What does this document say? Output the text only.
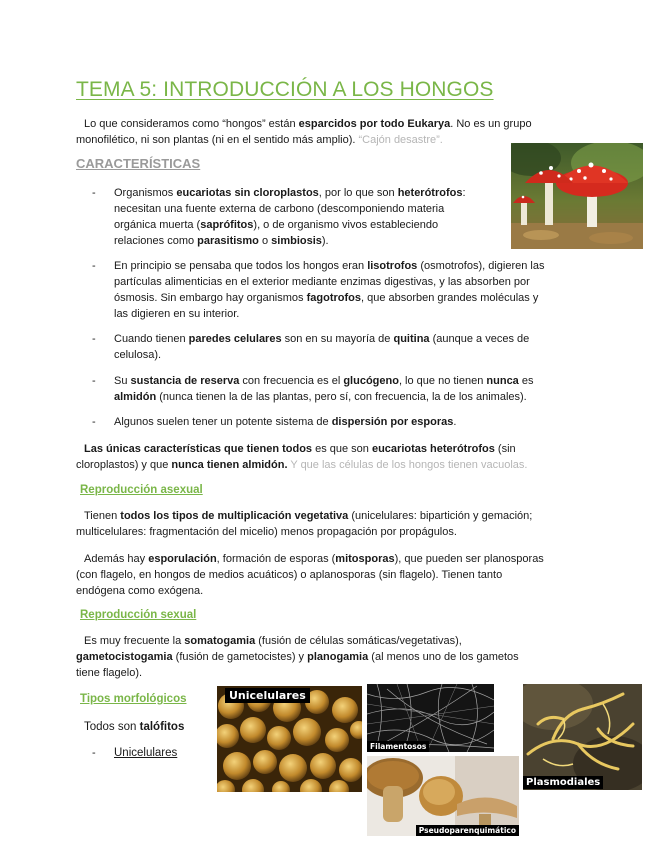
TEMA 5: INTRODUCCIÓN A LOS HONGOS
Lo que consideramos como “hongos” están esparcidos por todo Eukarya. No es un grupo
monofilético, ni son plantas (ni en el sentido más amplio). “Cajón desastre”.
CARACTERÍSTICAS
- Organismos eucariotas sin cloroplastos, por lo que son heterótrofos:
necesitan una fuente externa de carbono (descomponiendo materia
orgánica muerta (saprófitos), o de organismo vivos estableciendo
relaciones como parasitismo o simbiosis).
- En principio se pensaba que todos los hongos eran lisotrofos (osmotrofos), digieren las
partículas alimenticias en el exterior mediante enzimas digestivas, y las absorben por
ósmosis. Sin embargo hay organismos fagotrofos, que absorben grandes moléculas y
las digieren en su interior.
- Cuando tienen paredes celulares son en su mayoría de quitina (aunque a veces de
celulosa).
- Su sustancia de reserva con frecuencia es el glucógeno, lo que no tienen nunca es
almidón (nunca tienen la de las plantas, pero sí, con frecuencia, la de los animales).
- Algunos suelen tener un potente sistema de dispersión por esporas.
Las únicas características que tienen todos es que son eucariotas heterótrofos (sin
cloroplastos) y que nunca tienen almidón. Y que las células de los hongos tienen vacuolas.
Reproducción asexual
Tienen todos los tipos de multiplicación vegetativa (unicelulares: bipartición y gemación;
multicelulares: fragmentación del micelio) menos propagación por propágulos.
Además hay esporulación, formación de esporas (mitosporas), que pueden ser planosporas
(con flagelo, en hongos de medios acuáticos) o aplanosporas (sin flagelo). Tienen tanto
endógena como exógena.
Reproducción sexual
Es muy frecuente la somatogamia (fusión de células somáticas/vegetativas),
gametocistogamia (fusión de gametocistes) y planogamia (al menos uno de los gametos
tiene flagelo).
Tipos morfológicos
Todos son talófitos
- Unicelulares
Unicelulares
Filamentosos
Pseudoparenquimático
Plasmodiales
